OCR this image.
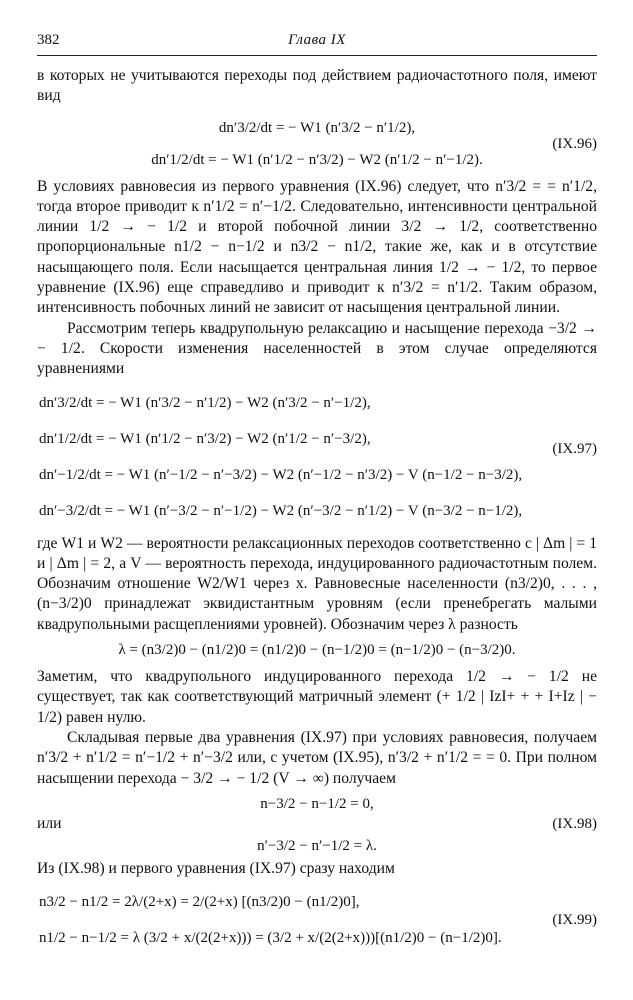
382	Глава IX

в которых не учитываются переходы под действием радиочастотного поля, имеют вид

dn′3/2/dt = − W1 (n′3/2 − n′1/2),
dn′1/2/dt = − W1 (n′1/2 − n′3/2) − W2 (n′1/2 − n′−1/2).
(IX.96)

В условиях равновесия из первого уравнения (IX.96) следует, что n′3/2 = = n′1/2, тогда второе приводит к n′1/2 = n′−1/2. Следовательно, интенсивности центральной линии 1/2 → − 1/2 и второй побочной линии 3/2 → 1/2, соответственно пропорциональные n1/2 − n−1/2 и n3/2 − n1/2, такие же, как и в отсутствие насыщающего поля. Если насыщается центральная линия 1/2 → − 1/2, то первое уравнение (IX.96) еще справедливо и приводит к n′3/2 = n′1/2. Таким образом, интенсивность побочных линий не зависит от насыщения центральной линии.

Рассмотрим теперь квадрупольную релаксацию и насыщение перехода −3/2 → − 1/2. Скорости изменения населенностей в этом случае определяются уравнениями

dn′3/2/dt = − W1 (n′3/2 − n′1/2) − W2 (n′3/2 − n′−1/2),
dn′1/2/dt = − W1 (n′1/2 − n′3/2) − W2 (n′1/2 − n′−3/2),
dn′−1/2/dt = − W1 (n′−1/2 − n′−3/2) − W2 (n′−1/2 − n′3/2) − V (n−1/2 − n−3/2),
dn′−3/2/dt = − W1 (n′−3/2 − n′−1/2) − W2 (n′−3/2 − n′1/2) − V (n−3/2 − n−1/2),
(IX.97)

где W1 и W2 — вероятности релаксационных переходов соответственно с | Δm | = 1 и | Δm | = 2, а V — вероятность перехода, индуцированного радиочастотным полем. Обозначим отношение W2/W1 через x. Равновесные населенности (n3/2)0, . . . , (n−3/2)0 принадлежат эквидистантным уровням (если пренебрегать малыми квадрупольными расщеплениями уровней). Обозначим через λ разность

λ = (n3/2)0 − (n1/2)0 = (n1/2)0 − (n−1/2)0 = (n−1/2)0 − (n−3/2)0.

Заметим, что квадрупольного индуцированного перехода 1/2 → − 1/2 не существует, так как соответствующий матричный элемент (+ 1/2 | IzI+ + + I+Iz | − 1/2) равен нулю.

Складывая первые два уравнения (IX.97) при условиях равновесия, получаем n′3/2 + n′1/2 = n′−1/2 + n′−3/2 или, с учетом (IX.95), n′3/2 + n′1/2 = = 0. При полном насыщении перехода − 3/2 → − 1/2 (V → ∞) получаем

n−3/2 − n−1/2 = 0,
или	(IX.98)
n′−3/2 − n′−1/2 = λ.

Из (IX.98) и первого уравнения (IX.97) сразу находим

n3/2 − n1/2 = 2λ/(2+x) = 2/(2+x) [(n3/2)0 − (n1/2)0],
n1/2 − n−1/2 = λ (3/2 + x/(2(2+x))) = (3/2 + x/(2(2+x)))[(n1/2)0 − (n−1/2)0].
(IX.99)
